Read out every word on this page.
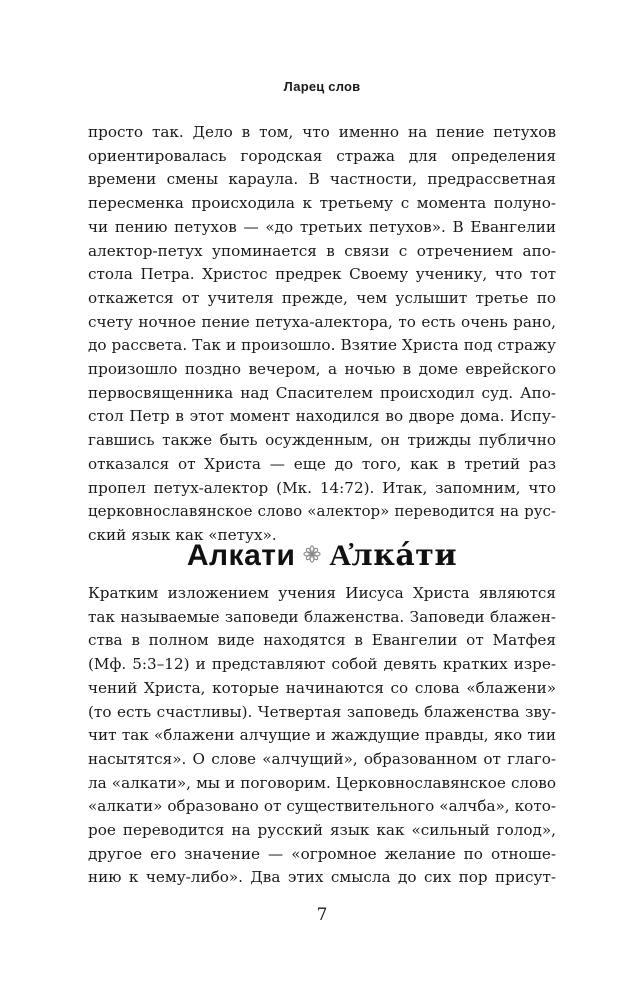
Ларец слов
просто так. Дело в том, что именно на пение петухов
ориентировалась городская стража для определения
времени смены караула. В частности, предрассветная
пересменка происходила к третьему с момента полуно-
чи пению петухов — «до третьих петухов». В Евангелии
алектор-петух упоминается в связи с отречением апо-
стола Петра. Христос предрек Своему ученику, что тот
откажется от учителя прежде, чем услышит третье по
счету ночное пение петуха-алектора, то есть очень рано,
до рассвета. Так и произошло. Взятие Христа под стражу
произошло поздно вечером, а ночью в доме еврейского
первосвященника над Спасителем происходил суд. Апо-
стол Петр в этот момент находился во дворе дома. Испу-
гавшись также быть осужденным, он трижды публично
отказался от Христа — еще до того, как в третий раз
пропел петух-алектор (Мк. 14:72). Итак, запомним, что
церковнославянское слово «алектор» переводится на рус-
ский язык как «петух».
Алкати А҆лка́ти
Кратким изложением учения Иисуса Христа являются
так называемые заповеди блаженства. Заповеди блажен-
ства в полном виде находятся в Евангелии от Матфея
(Мф. 5:3–12) и представляют собой девять кратких изре-
чений Христа, которые начинаются со слова «блажени»
(то есть счастливы). Четвертая заповедь блаженства зву-
чит так «блажени алчущие и жаждущие правды, яко тии
насытятся». О слове «алчущий», образованном от глаго-
ла «алкати», мы и поговорим. Церковнославянское слово
«алкати» образовано от существительного «алчба», кото-
рое переводится на русский язык как «сильный голод»,
другое его значение — «огромное желание по отноше-
нию к чему-либо». Два этих смысла до сих пор присут-
7
